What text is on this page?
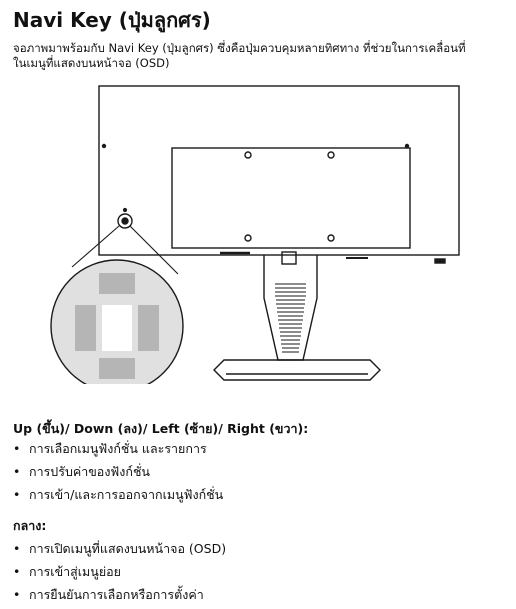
Navi Key (ปุ่มลูกศร)
จอภาพมาพร้อมกับ Navi Key (ปุ่มลูกศร) ซึ่งคือปุ่มควบคุมหลายทิศทาง ที่ช่วยในการเคลื่อนที่
ในเมนูที่แสดงบนหน้าจอ (OSD)
Up (ขึ้น)/ Down (ลง)/ Left (ซ้าย)/ Right (ขวา):
• การเลือกเมนูฟังก์ชั่น และรายการ
• การปรับค่าของฟังก์ชั่น
• การเข้า/และการออกจากเมนูฟังก์ชั่น
กลาง:
• การเปิดเมนูที่แสดงบนหน้าจอ (OSD)
• การเข้าสู่เมนูย่อย
• การยืนยันการเลือกหรือการตั้งค่า
